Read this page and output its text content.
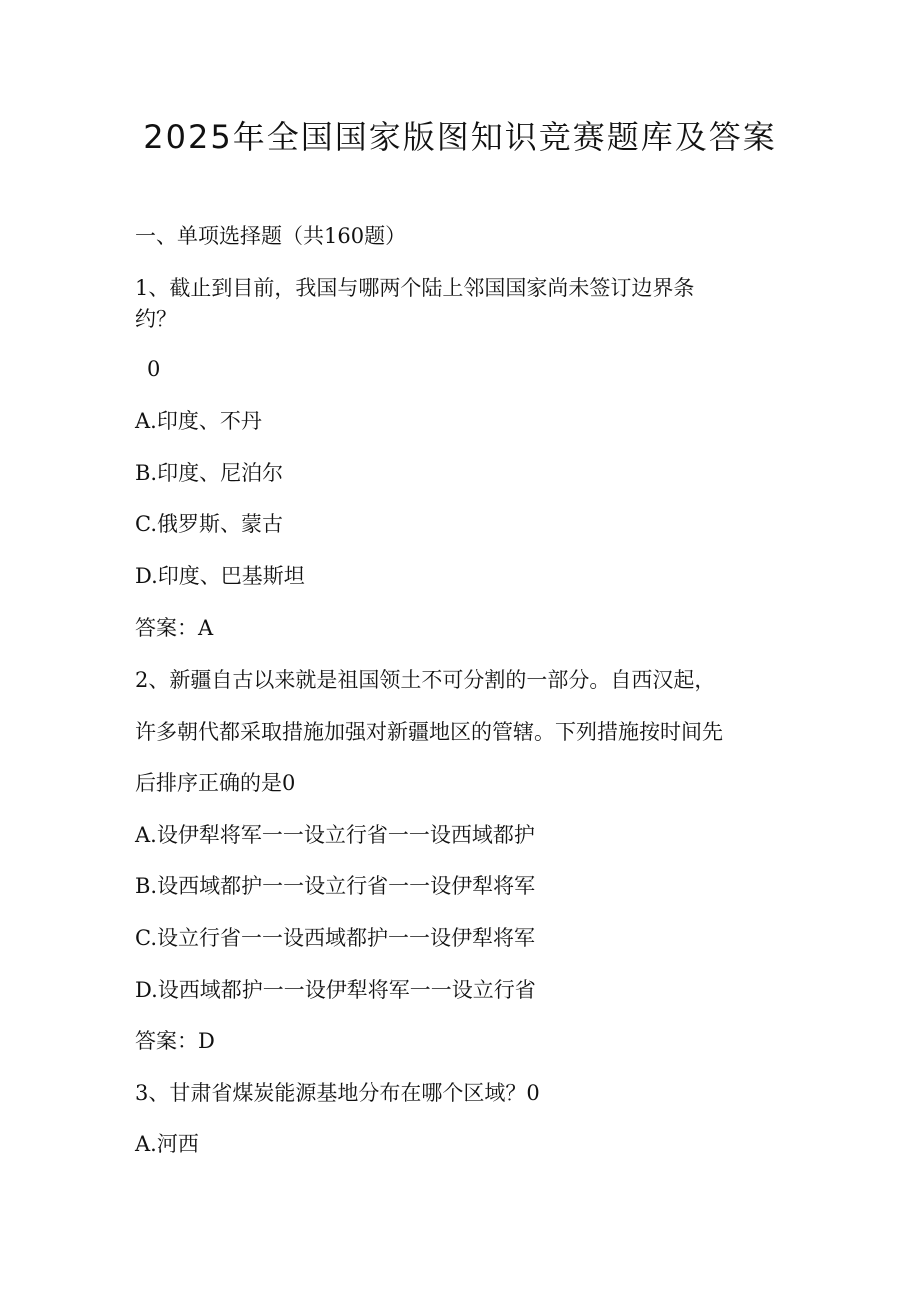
2025年全国国家版图知识竞赛题库及答案
一、单项选择题（共160题）
1、截止到目前，我国与哪两个陆上邻国国家尚未签订边界条
约？
0
A.印度、不丹
B.印度、尼泊尔
C.俄罗斯、蒙古
D.印度、巴基斯坦
答案：A
2、新疆自古以来就是祖国领土不可分割的一部分。自西汉起，
许多朝代都采取措施加强对新疆地区的管辖。下列措施按时间先
后排序正确的是0
A.设伊犁将军一一设立行省一一设西域都护
B.设西域都护一一设立行省一一设伊犁将军
C.设立行省一一设西域都护一一设伊犁将军
D.设西域都护一一设伊犁将军一一设立行省
答案：D
3、甘肃省煤炭能源基地分布在哪个区域？0
A.河西
